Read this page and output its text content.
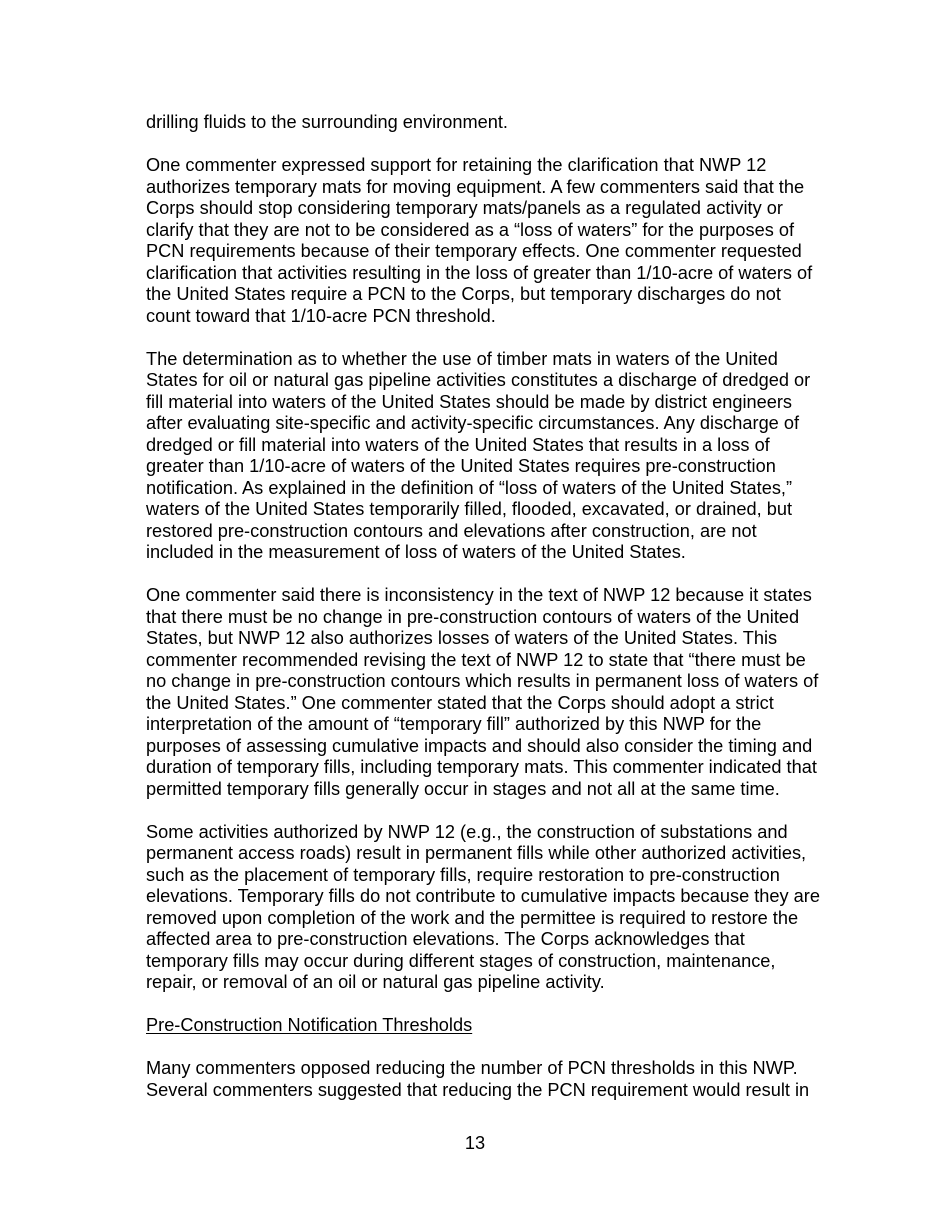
drilling fluids to the surrounding environment.

One commenter expressed support for retaining the clarification that NWP 12
authorizes temporary mats for moving equipment. A few commenters said that the
Corps should stop considering temporary mats/panels as a regulated activity or
clarify that they are not to be considered as a “loss of waters” for the purposes of
PCN requirements because of their temporary effects. One commenter requested
clarification that activities resulting in the loss of greater than 1/10-acre of waters of
the United States require a PCN to the Corps, but temporary discharges do not
count toward that 1/10-acre PCN threshold.

The determination as to whether the use of timber mats in waters of the United
States for oil or natural gas pipeline activities constitutes a discharge of dredged or
fill material into waters of the United States should be made by district engineers
after evaluating site-specific and activity-specific circumstances. Any discharge of
dredged or fill material into waters of the United States that results in a loss of
greater than 1/10-acre of waters of the United States requires pre-construction
notification. As explained in the definition of “loss of waters of the United States,”
waters of the United States temporarily filled, flooded, excavated, or drained, but
restored pre-construction contours and elevations after construction, are not
included in the measurement of loss of waters of the United States.

One commenter said there is inconsistency in the text of NWP 12 because it states
that there must be no change in pre-construction contours of waters of the United
States, but NWP 12 also authorizes losses of waters of the United States. This
commenter recommended revising the text of NWP 12 to state that “there must be
no change in pre-construction contours which results in permanent loss of waters of
the United States.” One commenter stated that the Corps should adopt a strict
interpretation of the amount of “temporary fill” authorized by this NWP for the
purposes of assessing cumulative impacts and should also consider the timing and
duration of temporary fills, including temporary mats. This commenter indicated that
permitted temporary fills generally occur in stages and not all at the same time.

Some activities authorized by NWP 12 (e.g., the construction of substations and
permanent access roads) result in permanent fills while other authorized activities,
such as the placement of temporary fills, require restoration to pre-construction
elevations. Temporary fills do not contribute to cumulative impacts because they are
removed upon completion of the work and the permittee is required to restore the
affected area to pre-construction elevations. The Corps acknowledges that
temporary fills may occur during different stages of construction, maintenance,
repair, or removal of an oil or natural gas pipeline activity.

Pre-Construction Notification Thresholds

Many commenters opposed reducing the number of PCN thresholds in this NWP.
Several commenters suggested that reducing the PCN requirement would result in

13
